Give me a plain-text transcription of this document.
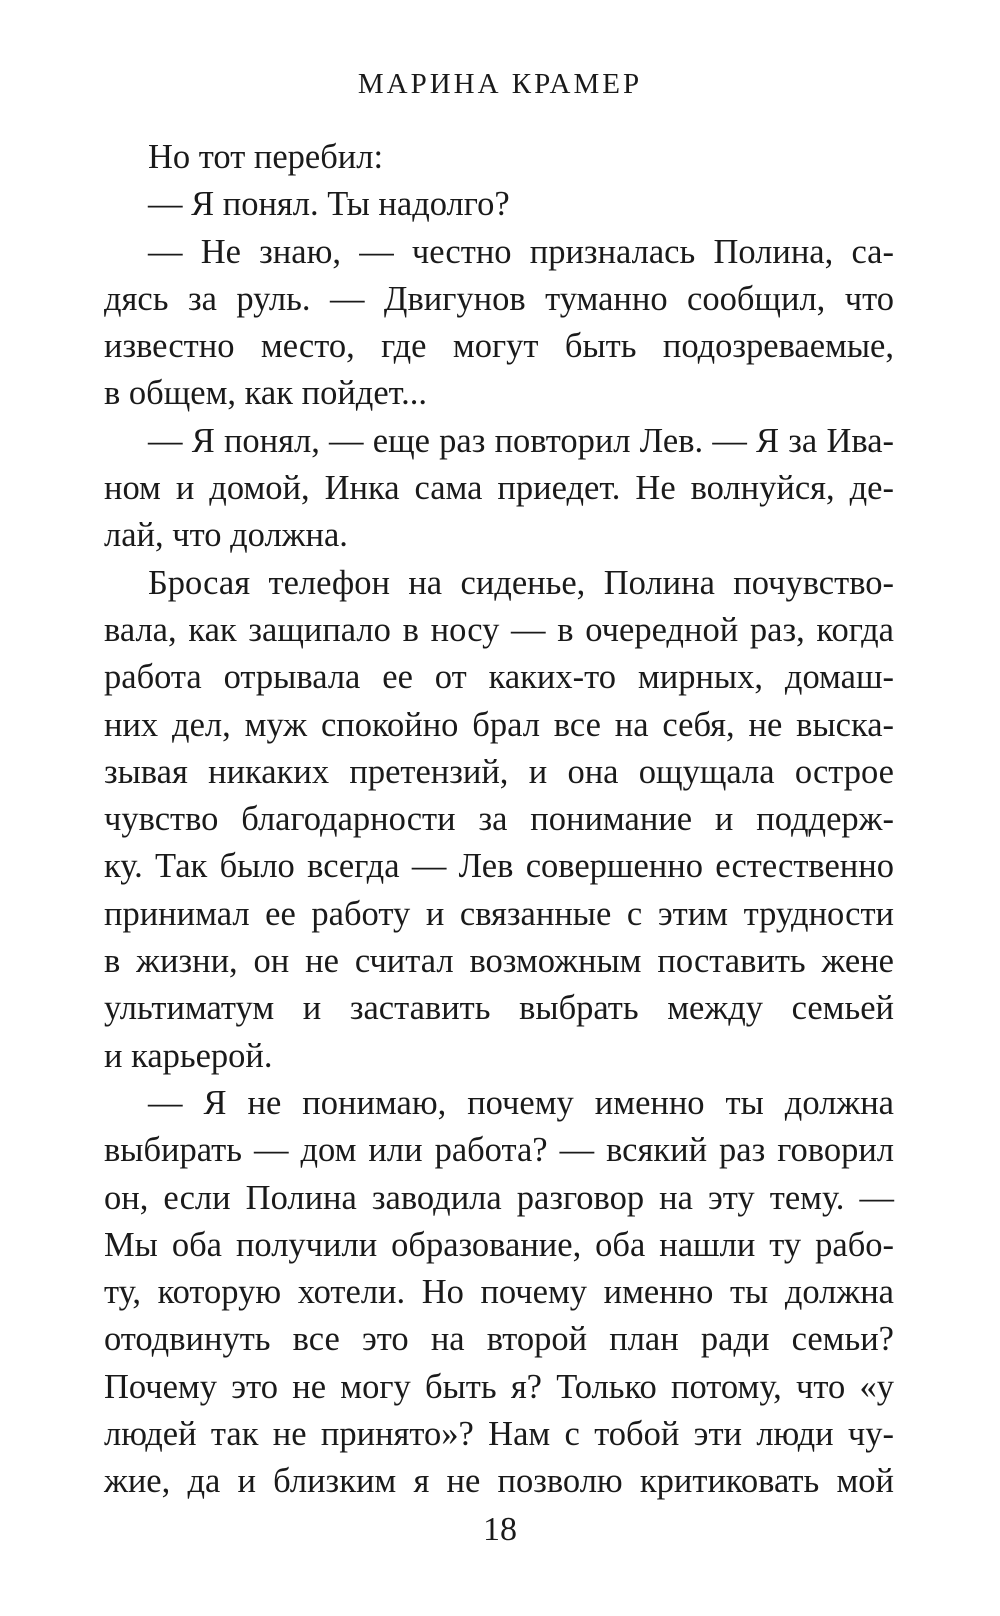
МАРИНА КРАМЕР
Но тот перебил:
— Я понял. Ты надолго?
— Не знаю, — честно призналась Полина, са-
дясь за руль. — Двигунов туманно сообщил, что
известно место, где могут быть подозреваемые,
в общем, как пойдет...
— Я понял, — еще раз повторил Лев. — Я за Ива-
ном и домой, Инка сама приедет. Не волнуйся, де-
лай, что должна.
Бросая телефон на сиденье, Полина почувство-
вала, как защипало в носу — в очередной раз, когда
работа отрывала ее от каких-то мирных, домаш-
них дел, муж спокойно брал все на себя, не выска-
зывая никаких претензий, и она ощущала острое
чувство благодарности за понимание и поддерж-
ку. Так было всегда — Лев совершенно естественно
принимал ее работу и связанные с этим трудности
в жизни, он не считал возможным поставить жене
ультиматум и заставить выбрать между семьей
и карьерой.
— Я не понимаю, почему именно ты должна
выбирать — дом или работа? — всякий раз говорил
он, если Полина заводила разговор на эту тему. —
Мы оба получили образование, оба нашли ту рабо-
ту, которую хотели. Но почему именно ты должна
отодвинуть все это на второй план ради семьи?
Почему это не могу быть я? Только потому, что «у
людей так не принято»? Нам с тобой эти люди чу-
жие, да и близким я не позволю критиковать мой
18
